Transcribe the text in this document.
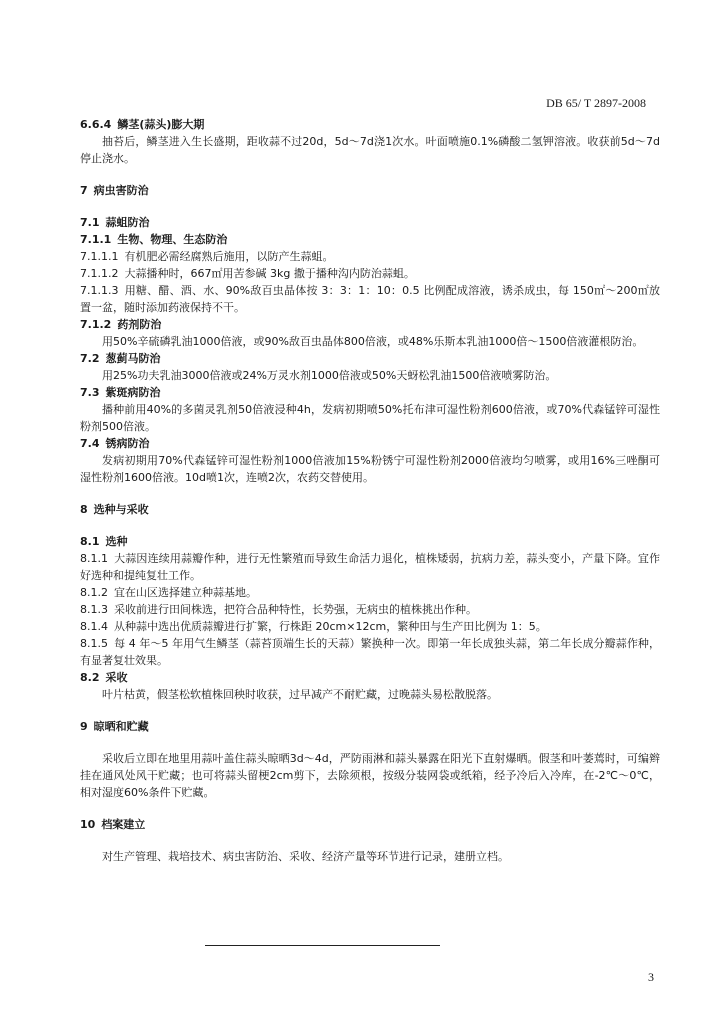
DB 65/ T 2897-2008
6.6.4 鳞茎(蒜头)膨大期
抽苔后，鳞茎进入生长盛期，距收蒜不过20d，5d～7d浇1次水。叶面喷施0.1%磷酸二氢钾溶液。收获前5d～7d停止浇水。
7 病虫害防治
7.1 蒜蛆防治
7.1.1 生物、物理、生态防治
7.1.1.1 有机肥必需经腐熟后施用，以防产生蒜蛆。
7.1.1.2 大蒜播种时，667㎡用苦参碱 3kg 撒于播种沟内防治蒜蛆。
7.1.1.3 用糖、醋、酒、水、90%敌百虫晶体按 3：3：1：10：0.5 比例配成溶液，诱杀成虫，每 150㎡～200㎡放置一盆，随时添加药液保持不干。
7.1.2 药剂防治
用50%辛硫磷乳油1000倍液，或90%敌百虫晶体800倍液，或48%乐斯本乳油1000倍～1500倍液灌根防治。
7.2 葱蓟马防治
用25%功夫乳油3000倍液或24%万灵水剂1000倍液或50%天蚜松乳油1500倍液喷雾防治。
7.3 紫斑病防治
播种前用40%的多菌灵乳剂50倍液浸种4h，发病初期喷50%托布津可湿性粉剂600倍液，或70%代森锰锌可湿性粉剂500倍液。
7.4 锈病防治
发病初期用70%代森锰锌可湿性粉剂1000倍液加15%粉锈宁可湿性粉剂2000倍液均匀喷雾，或用16%三唑酮可湿性粉剂1600倍液。10d喷1次，连喷2次，农药交替使用。
8 选种与采收
8.1 选种
8.1.1 大蒜因连续用蒜瓣作种，进行无性繁殖而导致生命活力退化，植株矮弱，抗病力差，蒜头变小，产量下降。宜作好选种和提纯复壮工作。
8.1.2 宜在山区选择建立种蒜基地。
8.1.3 采收前进行田间株选，把符合品种特性，长势强，无病虫的植株挑出作种。
8.1.4 从种蒜中选出优质蒜瓣进行扩繁，行株距 20cm×12cm，繁种田与生产田比例为 1：5。
8.1.5 每 4 年～5 年用气生鳞茎（蒜苔顶端生长的天蒜）繁换种一次。即第一年长成独头蒜，第二年长成分瓣蒜作种，有显著复壮效果。
8.2 采收
叶片枯黄，假茎松软植株回秧时收获，过早减产不耐贮藏，过晚蒜头易松散脱落。
9 晾晒和贮藏
采收后立即在地里用蒜叶盖住蒜头晾晒3d～4d，严防雨淋和蒜头暴露在阳光下直射爆晒。假茎和叶萎蔫时，可编辫挂在通风处风干贮藏；也可将蒜头留梗2cm剪下，去除须根，按级分装网袋或纸箱，经予冷后入冷库，在-2℃～0℃，相对湿度60%条件下贮藏。
10 档案建立
对生产管理、栽培技术、病虫害防治、采收、经济产量等环节进行记录，建册立档。
3
